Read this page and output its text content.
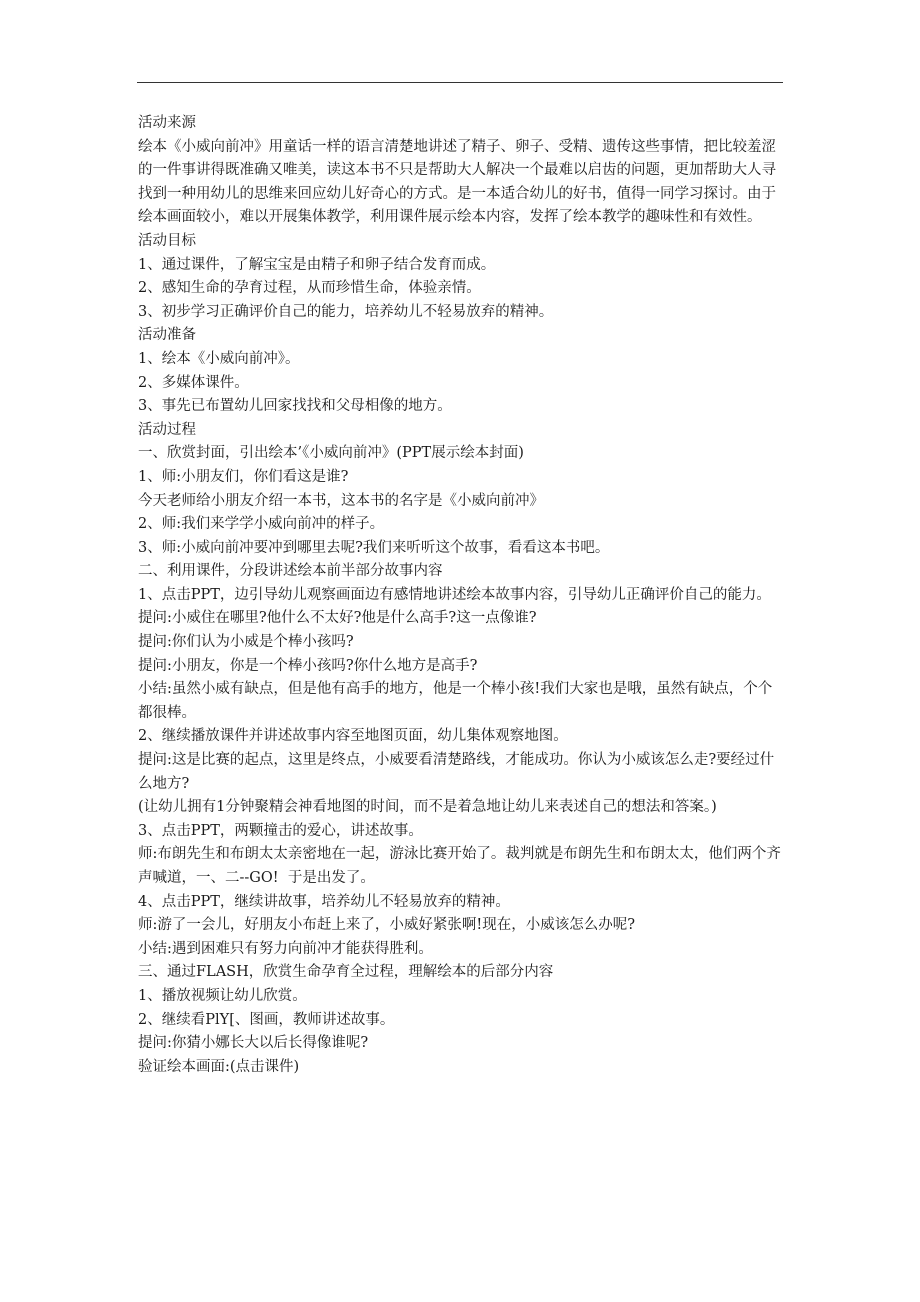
活动来源

绘本《小威向前冲》用童话一样的语言清楚地讲述了精子、卵子、受精、遗传这些事情，把比较羞涩的一件事讲得既准确又唯美，读这本书不只是帮助大人解决一个最难以启齿的问题，更加帮助大人寻找到一种用幼儿的思维来回应幼儿好奇心的方式。是一本适合幼儿的好书，值得一同学习探讨。由于绘本画面较小，难以开展集体教学，利用课件展示绘本内容，发挥了绘本教学的趣味性和有效性。

活动目标

1、通过课件，了解宝宝是由精子和卵子结合发育而成。

2、感知生命的孕育过程，从而珍惜生命，体验亲情。

3、初步学习正确评价自己的能力，培养幼儿不轻易放弃的精神。

活动准备

1、绘本《小威向前冲》。

2、多媒体课件。

3、事先已布置幼儿回家找找和父母相像的地方。

活动过程

一、欣赏封面，引出绘本’《小威向前冲》(PPT展示绘本封面)

1、师:小朋友们，你们看这是谁?

今天老师给小朋友介绍一本书，这本书的名字是《小威向前冲》

2、师:我们来学学小威向前冲的样子。

3、师:小威向前冲要冲到哪里去呢?我们来听听这个故事，看看这本书吧。

二、利用课件，分段讲述绘本前半部分故事内容

1、点击PPT，边引导幼儿观察画面边有感情地讲述绘本故事内容，引导幼儿正确评价自己的能力。

提问:小威住在哪里?他什么不太好?他是什么高手?这一点像谁?

提问:你们认为小威是个棒小孩吗?

提问:小朋友，你是一个棒小孩吗?你什么地方是高手?

小结:虽然小威有缺点，但是他有高手的地方，他是一个棒小孩!我们大家也是哦，虽然有缺点，个个都很棒。

2、继续播放课件并讲述故事内容至地图页面，幼儿集体观察地图。

提问:这是比赛的起点，这里是终点，小威要看清楚路线，才能成功。你认为小威该怎么走?要经过什么地方?

(让幼儿拥有1分钟聚精会神看地图的时间，而不是着急地让幼儿来表述自己的想法和答案。)

3、点击PPT，两颗撞击的爱心，讲述故事。

师:布朗先生和布朗太太亲密地在一起，游泳比赛开始了。裁判就是布朗先生和布朗太太，他们两个齐声喊道，一、二--GO!  于是出发了。

4、点击PPT，继续讲故事，培养幼儿不轻易放弃的精神。

师:游了一会儿，好朋友小布赶上来了，小威好紧张啊!现在，小威该怎么办呢?

小结:遇到困难只有努力向前冲才能获得胜利。

三、通过FLASH，欣赏生命孕育全过程，理解绘本的后部分内容

1、播放视频让幼儿欣赏。

2、继续看PlY[、图画，教师讲述故事。

提问:你猜小娜长大以后长得像谁呢?

验证绘本画面:(点击课件)
